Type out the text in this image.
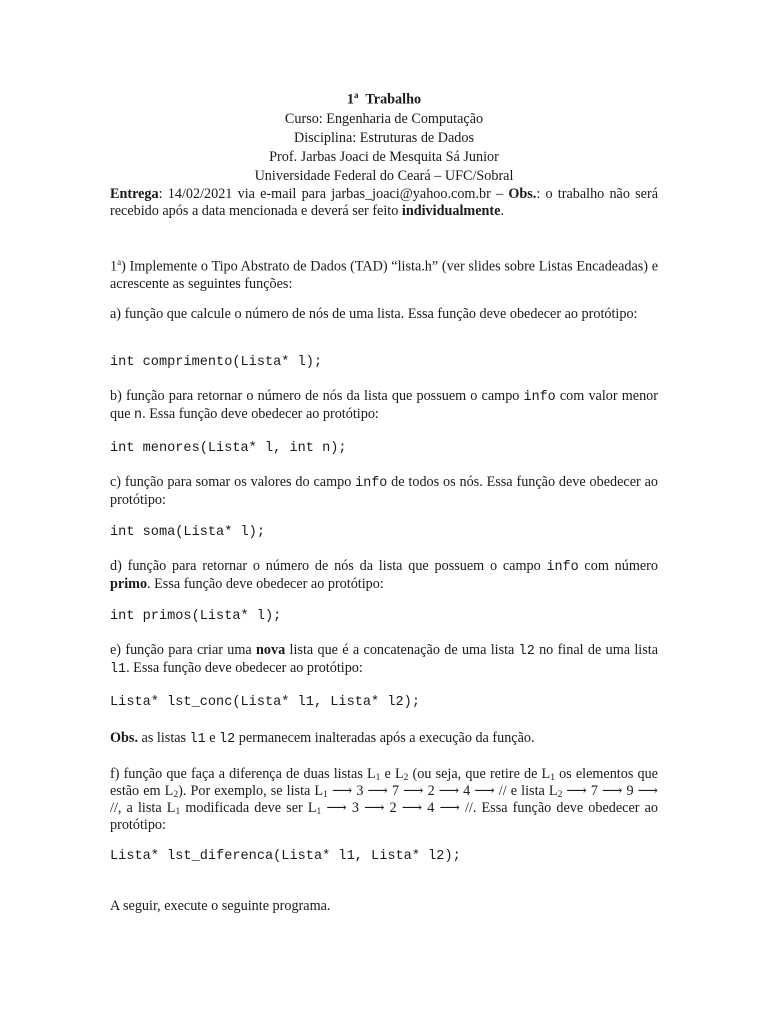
1$^a$ Trabalho
Curso: Engenharia de Computação
Disciplina: Estruturas de Dados
Prof. Jarbas Joaci de Mesquita Sá Junior
Universidade Federal do Ceará – UFC/Sobral

Entrega: 14/02/2021 via e-mail para jarbas_joaci@yahoo.com.br – Obs.: o trabalho não será recebido após a data mencionada e deverá ser feito individualmente.

1$^a$) Implemente o Tipo Abstrato de Dados (TAD) “lista.h” (ver slides sobre Listas Encadeadas) e acrescente as seguintes funções:

a) função que calcule o número de nós de uma lista. Essa função deve obedecer ao protótipo:

int comprimento(Lista* l);

b) função para retornar o número de nós da lista que possuem o campo info com valor menor que n. Essa função deve obedecer ao protótipo:

int menores(Lista* l, int n);

c) função para somar os valores do campo info de todos os nós. Essa função deve obedecer ao protótipo:

int soma(Lista* l);

d) função para retornar o número de nós da lista que possuem o campo info com número primo. Essa função deve obedecer ao protótipo:

int primos(Lista* l);

e) função para criar uma nova lista que é a concatenação de uma lista l2 no final de uma lista l1. Essa função deve obedecer ao protótipo:

Lista* lst_conc(Lista* l1, Lista* l2);

Obs. as listas l1 e l2 permanecem inalteradas após a execução da função.

f) função que faça a diferença de duas listas $L_1$ e $L_2$ (ou seja, que retire de $L_1$ os elementos que estão em $L_2$). Por exemplo, se lista $L_1$ ⟶ 3 ⟶ 7 ⟶ 2 ⟶ 4 ⟶ // e lista $L_2$ ⟶ 7 ⟶ 9 ⟶ //, a lista $L_1$ modificada deve ser $L_1$ ⟶ 3 ⟶ 2 ⟶ 4 ⟶ //. Essa função deve obedecer ao protótipo:

Lista* lst_diferenca(Lista* l1, Lista* l2);

A seguir, execute o seguinte programa.
